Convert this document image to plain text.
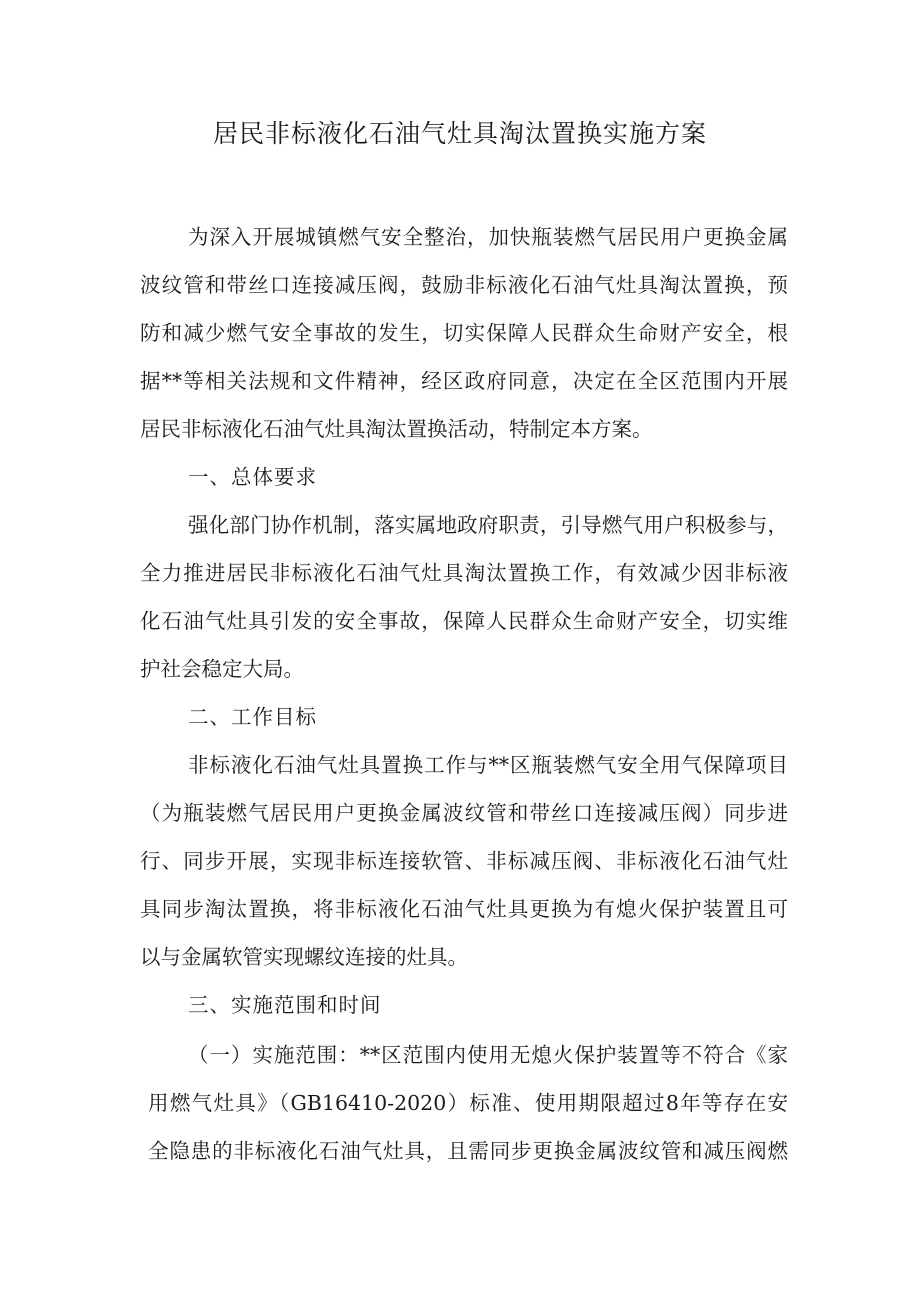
居民非标液化石油气灶具淘汰置换实施方案

为深入开展城镇燃气安全整治，加快瓶装燃气居民用户更换金属

波纹管和带丝口连接减压阀，鼓励非标液化石油气灶具淘汰置换，预

防和减少燃气安全事故的发生，切实保障人民群众生命财产安全，根

据**等相关法规和文件精神，经区政府同意，决定在全区范围内开展

居民非标液化石油气灶具淘汰置换活动，特制定本方案。

一、总体要求

强化部门协作机制，落实属地政府职责，引导燃气用户积极参与，

全力推进居民非标液化石油气灶具淘汰置换工作，有效减少因非标液

化石油气灶具引发的安全事故，保障人民群众生命财产安全，切实维

护社会稳定大局。

二、工作目标

非标液化石油气灶具置换工作与**区瓶装燃气安全用气保障项目

（为瓶装燃气居民用户更换金属波纹管和带丝口连接减压阀）同步进

行、同步开展，实现非标连接软管、非标减压阀、非标液化石油气灶

具同步淘汰置换，将非标液化石油气灶具更换为有熄火保护装置且可

以与金属软管实现螺纹连接的灶具。

三、实施范围和时间

（一）实施范围：**区范围内使用无熄火保护装置等不符合《家

用燃气灶具》（GB16410-2020）标准、使用期限超过8年等存在安

全隐患的非标液化石油气灶具，且需同步更换金属波纹管和减压阀燃
